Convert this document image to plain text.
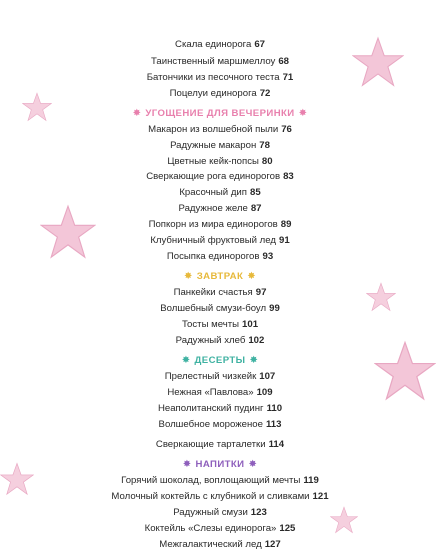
Скала единорога 67
Таинственный маршмеллоу 68
Батончики из песочного теста 71
Поцелуи единорога 72
✸ УГОЩЕНИЕ ДЛЯ ВЕЧЕРИНКИ ✸
Макарон из волшебной пыли 76
Радужные макарон 78
Цветные кейк-попсы 80
Сверкающие рога единорогов 83
Красочный дип 85
Радужное желе 87
Попкорн из мира единорогов 89
Клубничный фруктовый лед 91
Посыпка единорогов 93
✸ ЗАВТРАК ✸
Панкейки счастья 97
Волшебный смузи-боул 99
Тосты мечты 101
Радужный хлеб 102
✸ ДЕСЕРТЫ ✸
Прелестный чизкейк 107
Нежная «Павлова» 109
Неаполитанский пудинг 110
Волшебное мороженое 113
Сверкающие тарталетки 114
✸ НАПИТКИ ✸
Горячий шоколад, воплощающий мечты 119
Молочный коктейль с клубникой и сливками 121
Радужный смузи 123
Коктейль «Слезы единорога» 125
Межгалактический лед 127
